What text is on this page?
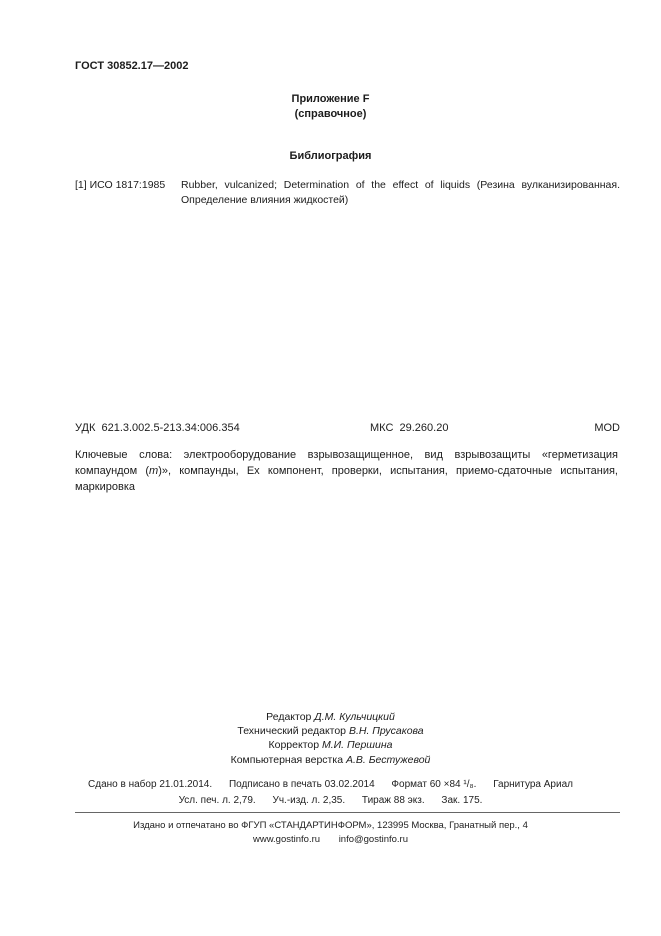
ГОСТ 30852.17—2002
Приложение F
(справочное)
Библиография
[1] ИСО 1817:1985	Rubber, vulcanized; Determination of the effect of liquids (Резина вулканизированная. Определение влияния жидкостей)
УДК  621.3.002.5-213.34:006.354	МКС  29.260.20	MOD
Ключевые слова: электрооборудование взрывозащищенное, вид взрывозащиты «герметизация компаундом (m)», компаунды, Ех компонент, проверки, испытания, приемо-сдаточные испытания, маркировка
Редактор Д.М. Кульчицкий
Технический редактор В.Н. Прусакова
Корректор М.И. Першина
Компьютерная верстка А.В. Бестужевой
Сдано в набор 21.01.2014. Подписано в печать 03.02.2014 Формат 60 ×84 ¹/₈. Гарнитура Ариал
Усл. печ. л. 2,79. Уч.-изд. л. 2,35. Тираж 88 экз. Зак. 175.
Издано и отпечатано во ФГУП «СТАНДАРТИНФОРМ», 123995 Москва, Гранатный пер., 4
www.gostinfo.ru info@gostinfo.ru
